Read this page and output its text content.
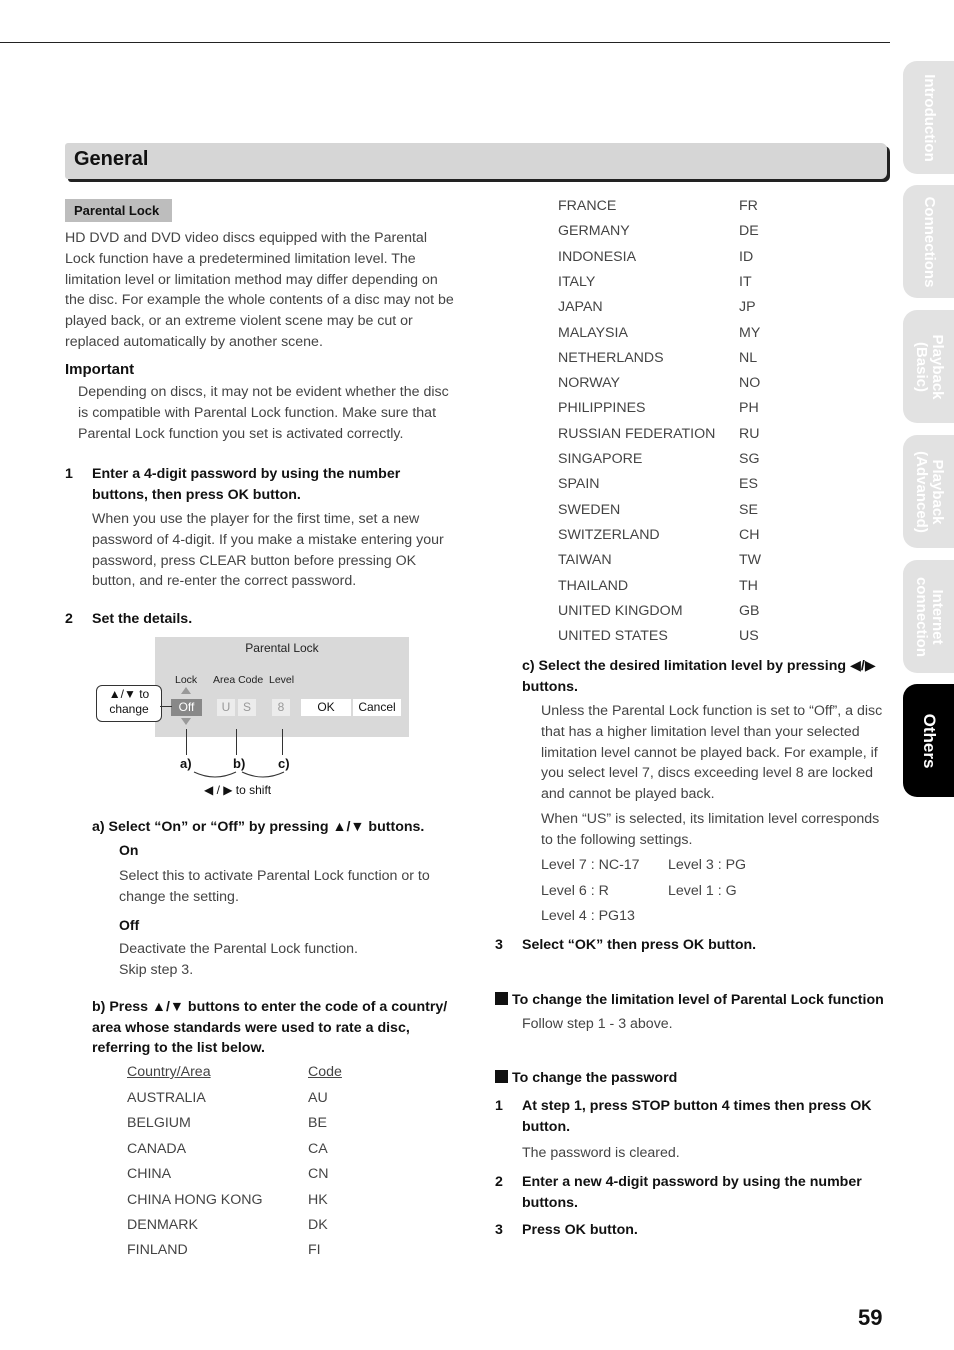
General
Parental Lock
HD DVD and DVD video discs equipped with the Parental Lock function have a predetermined limitation level. The limitation level or limitation method may differ depending on the disc. For example the whole contents of a disc may not be played back, or an extreme violent scene may be cut or replaced automatically by another scene.
Important
Depending on discs, it may not be evident whether the disc is compatible with Parental Lock function. Make sure that Parental Lock function you set is activated correctly.
1 Enter a 4-digit password by using the number buttons, then press OK button.
When you use the player for the first time, set a new password of 4-digit. If you make a mistake entering your password, press CLEAR button before pressing OK button, and re-enter the correct password.
2 Set the details.
Parental Lock
Lock Area Code Level
Off	U	S	8	OK	Cancel
▲/▼ to change
a)	b)	c)
◀ / ▶ to shift
a) Select “On” or “Off” by pressing ▲/▼ buttons.
On
Select this to activate Parental Lock function or to change the setting.
Off
Deactivate the Parental Lock function.
Skip step 3.
b) Press ▲/▼ buttons to enter the code of a country/ area whose standards were used to rate a disc, referring to the list below.
Country/Area	Code
AUSTRALIA	AU
BELGIUM	BE
CANADA	CA
CHINA	CN
CHINA HONG KONG	HK
DENMARK	DK
FINLAND	FI
FRANCE	FR
GERMANY	DE
INDONESIA	ID
ITALY	IT
JAPAN	JP
MALAYSIA	MY
NETHERLANDS	NL
NORWAY	NO
PHILIPPINES	PH
RUSSIAN FEDERATION RU
SINGAPORE	SG
SPAIN	ES
SWEDEN	SE
SWITZERLAND	CH
TAIWAN	TW
THAILAND	TH
UNITED KINGDOM	GB
UNITED STATES	US
c) Select the desired limitation level by pressing ◀/▶ buttons.
Unless the Parental Lock function is set to “Off”, a disc that has a higher limitation level than your selected limitation level cannot be played back. For example, if you select level 7, discs exceeding level 8 are locked and cannot be played back.
When “US” is selected, its limitation level corresponds to the following settings.
Level 7 : NC-17 Level 3 : PG
Level 6 : R	Level 1 : G
Level 4 : PG13
3 Select “OK” then press OK button.
To change the limitation level of Parental Lock function
Follow step 1 - 3 above.
To change the password
1 At step 1, press STOP button 4 times then press OK button.
The password is cleared.
2 Enter a new 4-digit password by using the number buttons.
3 Press OK button.
Introduction
Connections
Playback
(Basic)
Playback
(Advanced)
Internet
connection
Others
59
